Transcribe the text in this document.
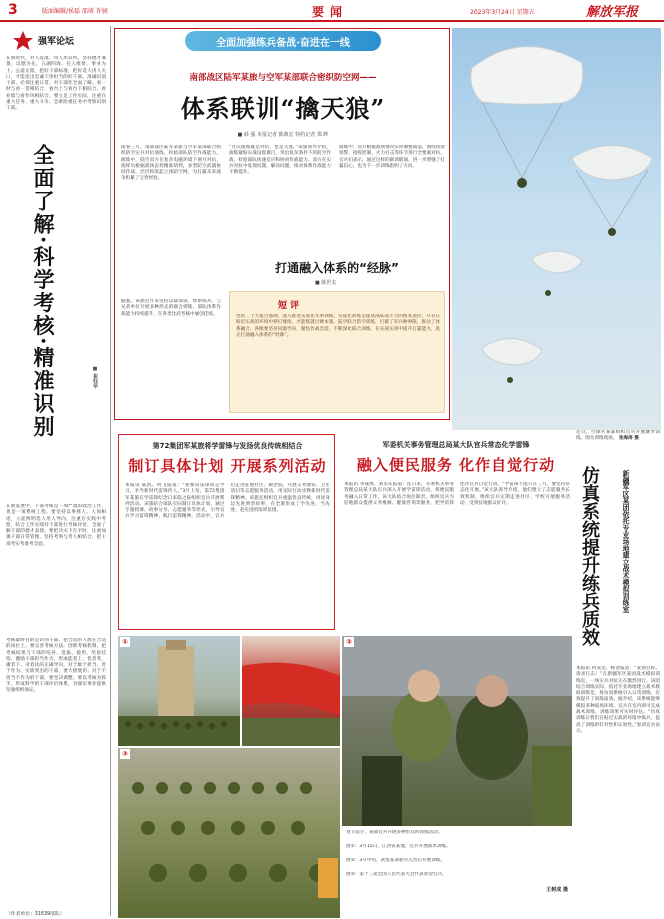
3	版面编辑/侯磊 邵萌 许骏	要闻	2023年3月24日 星期五	解放军报
强军论坛
在新时代，对人选准、用人用其所。坚持德才兼备、以德为先，五湖四海、任人唯贤，事业为上、公道正派，把好干部标准，把好选人用人关口，才能选出忠诚干净担当的好干部。准确识别干部，必须注重日常，对干部作全面了解。看一时与看一贯相结合，看台上与看台下相结合，看业绩与看作风相结合。要立足工作实际，注重在重大任务、重大斗争、急难险重任务中考察识别干部。
全面了解·科学考核·精准识别	■ 崔钰华
在新发展中，干部考核是一项严肃的政治工作，也是一项系统工程。要坚持以事择人、人岗相适，立起鲜明选人用人导向，注重在实践中考察，结合工作实绩对干部进行考核评价，全面了解干部的德才表现。要把功夫下在平时，注重加强干部日常管理，坚持考事与考人相结合，把干部考实考准考全面。
考核最终目的是识别干部，把合适的人放在合适的岗位上。要完善考核方法，创新考核机制，把考核结果与干部的培养、选拔、使用、奖惩挂钩，激励干部担当作为，形成能者上、优者奖、庸者下、劣者汰的正确导向。对于敢于担当、善于作为、实绩突出的干部，要大胆使用；对于不担当不作为的干部，要坚决调整。要以考核为抓手，形成科学的干部评价体系，为强军事业提供坚强组织保证。
（作者单位：31639部队）
全面加强练兵备战·奋进在一线
南部战区陆军某旅与空军某部联合密织防空网——
体系联训“擒天狼”
■ 薛 强 本报记者 陈典宏 特约记者 郑 晔
阳春三月，南部战区陆军某旅与空军某部联合组织防空实兵对抗演练，检验部队防空作战能力。演练中，陆空双方在复杂电磁环境下展开对抗，指挥员根据战场态势精准研判，多型防空武器协同作战，层层构筑起立体防空网，为打赢未来战争积累了宝贵经验。
“这次演练既是对抗，也是交流。”该旅领导介绍，演练紧贴实战设置课目，突出复杂条件下的防空作战，检验部队快速反应和协同作战能力。双方在实兵对抗中发现问题、解决问题，推动体系作战能力不断提升。
演练中，双方根据战场情况实时调整战法，围绕侦察预警、指挥控制、火力打击等环节进行全要素对抗。官兵们表示，通过这样的联训联演，进一步增强了打赢信心，也为下一步训练指明了方向。
打通融入体系的“经脉”
■ 陈世友
据悉，该旅近年来坚持以战领训、体系练兵，与兄弟单位开展多种形式的联合训练，部队体系作战能力持续提升，在各类比武考核中屡创佳绩。
短 评
党的二十大报告强调，深入推进实战化军事训练。实战化训练是提高部队战斗力的根本途径，只有在贴近实战的环境中摔打锤炼，才能练就过硬本领。陆空联合防空训练，打破了军兵种界限，推动了体系融合。各级要坚持问题导向，聚焦作战急需，不断深化联合训练，在实战实训中提升打赢能力，真正打通融入体系的“经脉”。
近日，空降兵某部组织官兵开展跳伞训练。图为训练现场。 张海涛 摄
第72集团军某旅将学雷锋与发扬优良传统相结合
制订具体计划 开展系列活动
本报讯 陈凯、何飞报道：“我要向雷锋同志学习，争当新时代雷锋传人。”3月上旬，第72集团军某旅在学雷锋纪念日来临之际组织官兵开展系列活动。该旅结合部队实际制订具体计划，通过专题授课、故事分享、志愿服务等形式，引导官兵学习雷锋精神、践行雷锋精神。活动中，官兵们走进驻地社区、敬老院，开展义务理发、卫生清扫等志愿服务活动，用实际行动诠释新时代雷锋精神。该旅还组织官兵重温优良传统，讲述身边先进典型故事，在全旅形成了学先进、当先进、赶先进的浓厚氛围。
军委机关事务管理总局某大队官兵常态化学雷锋
融入便民服务 化作自觉行动
本报讯 李成博、刘永东报道：连日来，军委机关事务管理总局某大队官兵深入开展学雷锋活动，将便民服务融入日常工作。该大队结合岗位职责，组织官兵为驻地群众提供义务维修、健康咨询等服务，把学雷锋化作官兵自觉行动。“学雷锋不能只在三月，要坚持常态化开展。”该大队领导介绍，他们建立了志愿服务长效机制，组织官兵定期走进社区、学校开展服务活动，受到驻地群众好评。	仿真系统提升练兵质效	新疆军区某团依托专业场地建立战术模拟训练室
本报讯 何双达、杨金报道：“发现目标，请求打击！”在新疆军区某团战术模拟训练室，一场实兵对抗正在激烈进行。该团结合训练实际，依托专业场地建立战术模拟训练室，将仿真系统引入日常训练，有效提升了训练质效。据介绍，该系统能够模拟多种战场环境，官兵在室内即可完成战术训练，训练效果可实时评估。“仿真训练让我们在贴近实战的环境中练兵，提高了训练的针对性和实效性。”参训官兵表示。
①	②
③
春节前夕，某部官兵开展多种形式的训练活动。
图①：3月15日，江西省某地，官兵开展战术训练。
图②：3月中旬，武警某部新兵入营后开展训练。
图③：第十三届全国人民代表大会代表欢迎官兵。
王树成 摄
